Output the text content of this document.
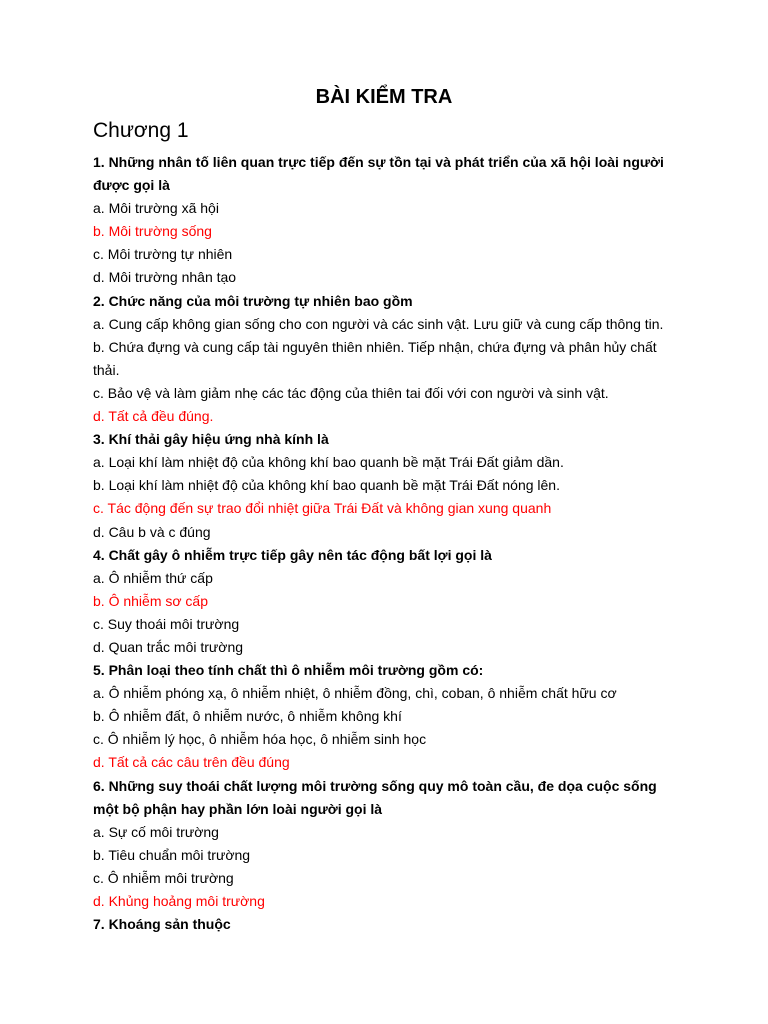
BÀI KIỂM TRA
Chương 1

1. Những nhân tố liên quan trực tiếp đến sự tồn tại và phát triển của xã hội loài người được gọi là

a. Môi trường xã hội

b. Môi trường sống

c. Môi trường tự nhiên

d. Môi trường nhân tạo

2. Chức năng của môi trường tự nhiên bao gồm

a. Cung cấp không gian sống cho con người và các sinh vật. Lưu giữ và cung cấp thông tin.

b. Chứa đựng và cung cấp tài nguyên thiên nhiên. Tiếp nhận, chứa đựng và phân hủy chất thải.

c. Bảo vệ và làm giảm nhẹ các tác động của thiên tai đối với con người và sinh vật.

d. Tất cả đều đúng.

3. Khí thải gây hiệu ứng nhà kính là

a. Loại khí làm nhiệt độ của không khí bao quanh bề mặt Trái Đất giảm dần.

b. Loại khí làm nhiệt độ của không khí bao quanh bề mặt Trái Đất nóng lên.

c. Tác động đến sự trao đổi nhiệt giữa Trái Đất và không gian xung quanh

d. Câu b và c đúng

4. Chất gây ô nhiễm trực tiếp gây nên tác động bất lợi gọi là

a. Ô nhiễm thứ cấp

b. Ô nhiễm sơ cấp

c. Suy thoái môi trường

d. Quan trắc môi trường

5. Phân loại theo tính chất thì ô nhiễm môi trường gồm có:

a. Ô nhiễm phóng xạ, ô nhiễm nhiệt, ô nhiễm đồng, chì, coban, ô nhiễm chất hữu cơ

b. Ô nhiễm đất, ô nhiễm nước, ô nhiễm không khí

c. Ô nhiễm lý học, ô nhiễm hóa học, ô nhiễm sinh học

d. Tất cả các câu trên đều đúng

6. Những suy thoái chất lượng môi trường sống quy mô toàn cầu, đe dọa cuộc sống một bộ phận hay phần lớn loài người gọi là

a. Sự cố môi trường

b. Tiêu chuẩn môi trường

c. Ô nhiễm môi trường

d. Khủng hoảng môi trường

7. Khoáng sản thuộc
